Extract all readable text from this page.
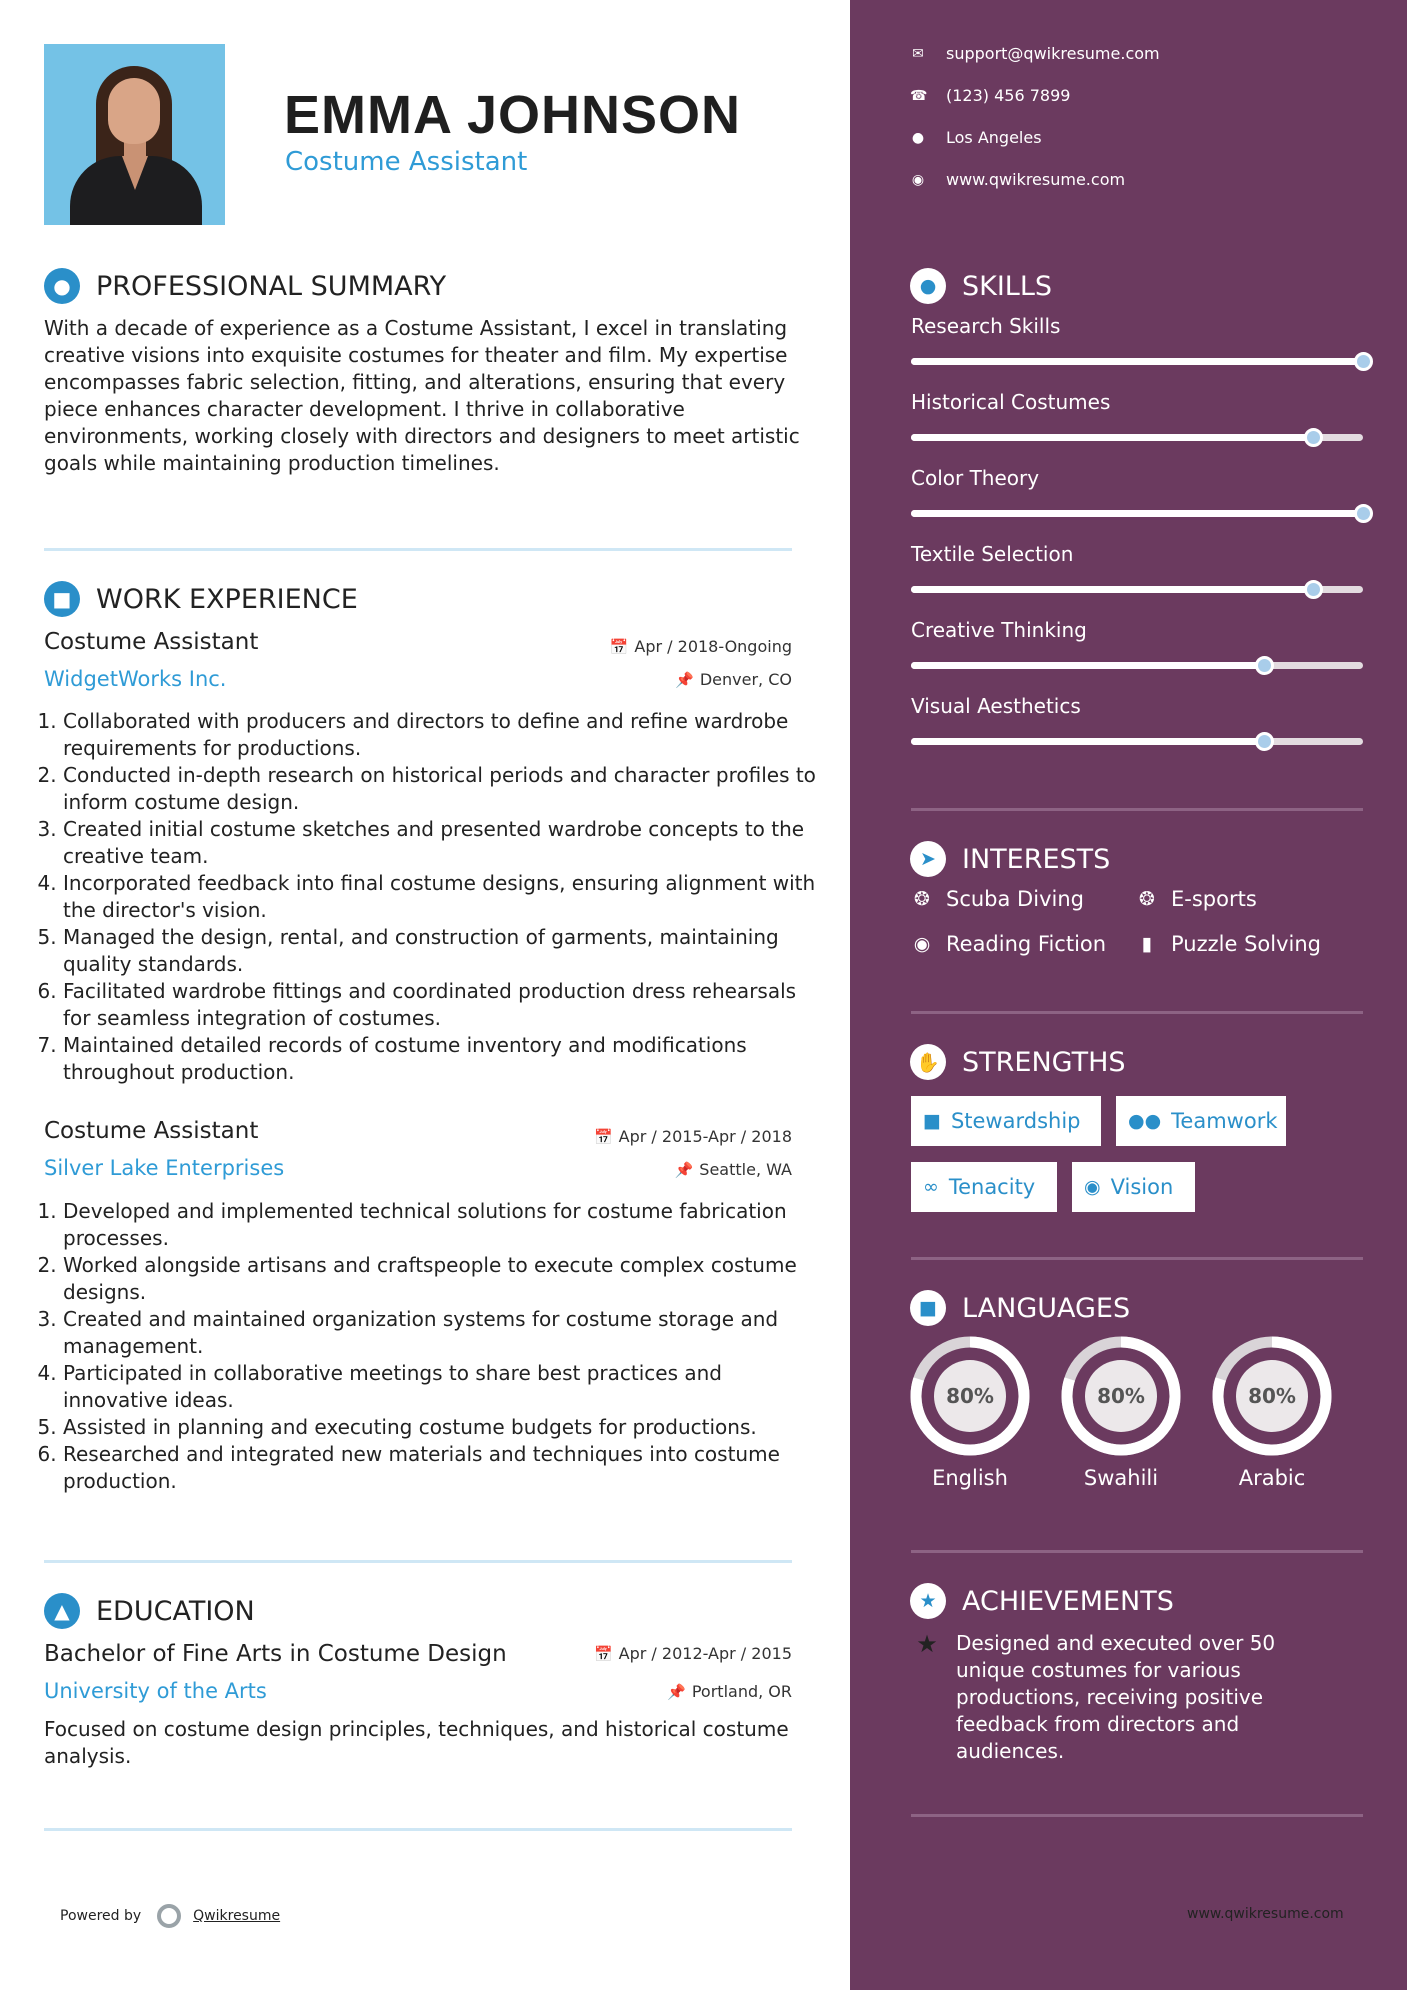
EMMA JOHNSON
Costume Assistant
● PROFESSIONAL SUMMARY
With a decade of experience as a Costume Assistant, I excel in translating creative visions into exquisite costumes for theater and film. My expertise encompasses fabric selection, fitting, and alterations, ensuring that every piece enhances character development. I thrive in collaborative environments, working closely with directors and designers to meet artistic goals while maintaining production timelines.
■ WORK EXPERIENCE
Costume Assistant	📅 Apr / 2018-Ongoing
WidgetWorks Inc.	📌 Denver, CO
1. Collaborated with producers and directors to define and refine wardrobe requirements for productions.
2. Conducted in-depth research on historical periods and character profiles to inform costume design.
3. Created initial costume sketches and presented wardrobe concepts to the creative team.
4. Incorporated feedback into final costume designs, ensuring alignment with the director's vision.
5. Managed the design, rental, and construction of garments, maintaining quality standards.
6. Facilitated wardrobe fittings and coordinated production dress rehearsals for seamless integration of costumes.
7. Maintained detailed records of costume inventory and modifications throughout production.
Costume Assistant	📅 Apr / 2015-Apr / 2018
Silver Lake Enterprises	📌 Seattle, WA
1. Developed and implemented technical solutions for costume fabrication processes.
2. Worked alongside artisans and craftspeople to execute complex costume designs.
3. Created and maintained organization systems for costume storage and management.
4. Participated in collaborative meetings to share best practices and innovative ideas.
5. Assisted in planning and executing costume budgets for productions.
6. Researched and integrated new materials and techniques into costume production.
▲ EDUCATION
Bachelor of Fine Arts in Costume Design	📅 Apr / 2012-Apr / 2015
University of the Arts	📌 Portland, OR
Focused on costume design principles, techniques, and historical costume analysis.
Powered by	Qwikresume
✉ support@qwikresume.com
☎ (123) 456 7899
● Los Angeles
◉ www.qwikresume.com
● SKILLS
Research Skills
Historical Costumes
Color Theory
Textile Selection
Creative Thinking
Visual Aesthetics
➤ INTERESTS
❂ Scuba Diving	❂ E-sports
◉ Reading Fiction	▮ Puzzle Solving
✋ STRENGTHS
■ Stewardship	●● Teamwork
∞ Tenacity	◉ Vision
■ LANGUAGES
80%
English
80%
Swahili
80%
Arabic
★ ACHIEVEMENTS
★ Designed and executed over 50 unique costumes for various productions, receiving positive feedback from directors and audiences.
www.qwikresume.com
